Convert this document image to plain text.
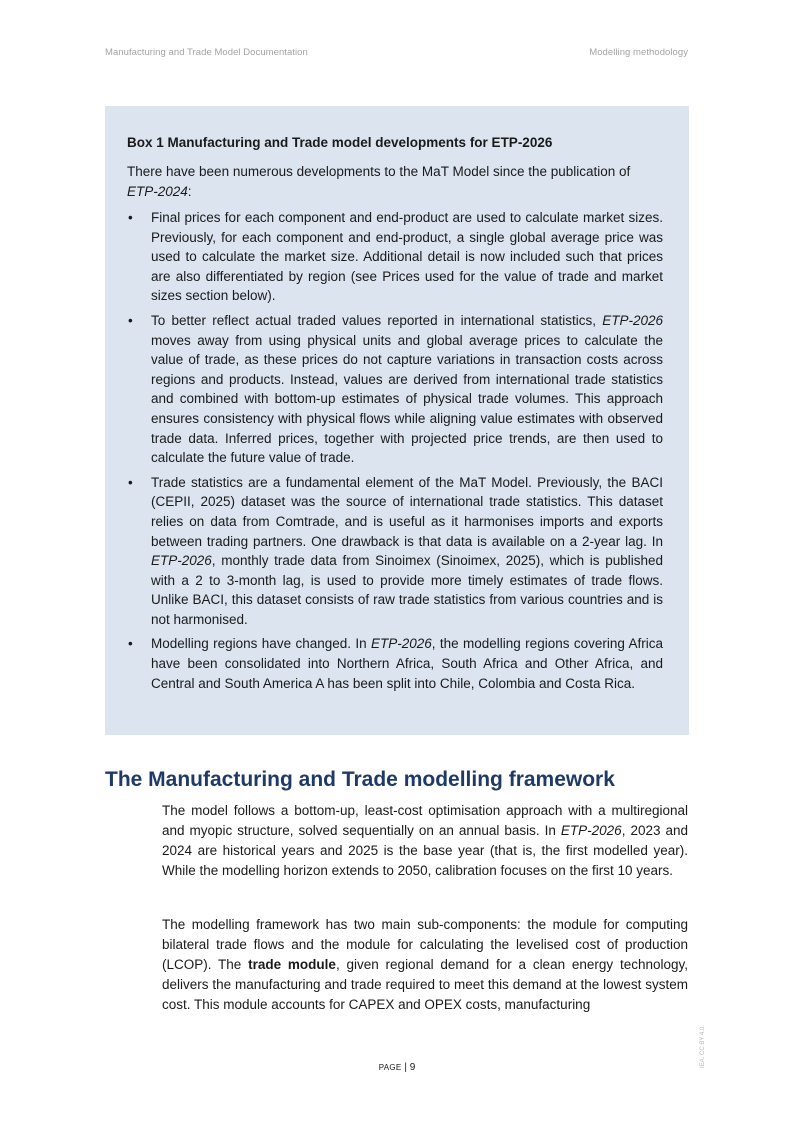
Manufacturing and Trade Model Documentation	Modelling methodology

Box 1 Manufacturing and Trade model developments for ETP-2026

There have been numerous developments to the MaT Model since the publication of ETP-2024:

• Final prices for each component and end-product are used to calculate market sizes. Previously, for each component and end-product, a single global average price was used to calculate the market size. Additional detail is now included such that prices are also differentiated by region (see Prices used for the value of trade and market sizes section below).
• To better reflect actual traded values reported in international statistics, ETP-2026 moves away from using physical units and global average prices to calculate the value of trade, as these prices do not capture variations in transaction costs across regions and products. Instead, values are derived from international trade statistics and combined with bottom-up estimates of physical trade volumes. This approach ensures consistency with physical flows while aligning value estimates with observed trade data. Inferred prices, together with projected price trends, are then used to calculate the future value of trade.
• Trade statistics are a fundamental element of the MaT Model. Previously, the BACI (CEPII, 2025) dataset was the source of international trade statistics. This dataset relies on data from Comtrade, and is useful as it harmonises imports and exports between trading partners. One drawback is that data is available on a 2-year lag. In ETP-2026, monthly trade data from Sinoimex (Sinoimex, 2025), which is published with a 2 to 3-month lag, is used to provide more timely estimates of trade flows. Unlike BACI, this dataset consists of raw trade statistics from various countries and is not harmonised.
• Modelling regions have changed. In ETP-2026, the modelling regions covering Africa have been consolidated into Northern Africa, South Africa and Other Africa, and Central and South America A has been split into Chile, Colombia and Costa Rica.
The Manufacturing and Trade modelling framework

The model follows a bottom-up, least-cost optimisation approach with a multiregional and myopic structure, solved sequentially on an annual basis. In ETP-2026, 2023 and 2024 are historical years and 2025 is the base year (that is, the first modelled year). While the modelling horizon extends to 2050, calibration focuses on the first 10 years.

The modelling framework has two main sub-components: the module for computing bilateral trade flows and the module for calculating the levelised cost of production (LCOP). The trade module, given regional demand for a clean energy technology, delivers the manufacturing and trade required to meet this demand at the lowest system cost. This module accounts for CAPEX and OPEX costs, manufacturing

PAGE | 9	IEA. CC BY 4.0.
